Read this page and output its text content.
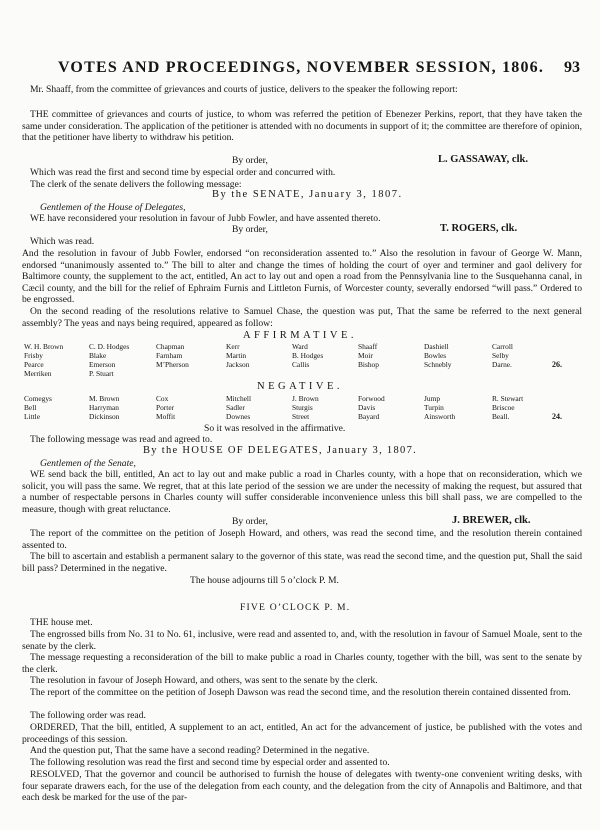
VOTES AND PROCEEDINGS, NOVEMBER SESSION, 1806. 93
Mr. Shaaff, from the committee of grievances and courts of justice, delivers to the speaker the following report:
THE committee of grievances and courts of justice, to whom was referred the petition of Ebenezer Perkins, report, that they have taken the same under consideration. The application of the petitioner is attended with no documents in support of it; the committee are therefore of opinion, that the petitioner have liberty to withdraw his petition.
By order,	L. GASSAWAY, clk.
Which was read the first and second time by especial order and concurred with.
The clerk of the senate delivers the following message:
By the SENATE, January 3, 1807.
Gentlemen of the House of Delegates,
WE have reconsidered your resolution in favour of Jubb Fowler, and have assented thereto.
By order,	T. ROGERS, clk.
Which was read.
And the resolution in favour of Jubb Fowler, endorsed “on reconsideration assented to.” Also the resolution in favour of George W. Mann, endorsed “unanimously assented to.” The bill to alter and change the times of holding the court of oyer and terminer and gaol delivery for Baltimore county, the supplement to the act, entitled, An act to lay out and open a road from the Pennsylvania line to the Susquehanna canal, in Cæcil county, and the bill for the relief of Ephraim Furnis and Littleton Furnis, of Worcester county, severally endorsed “will pass.” Ordered to be engrossed.
On the second reading of the resolutions relative to Samuel Chase, the question was put, That the same be referred to the next general assembly? The yeas and nays being required, appeared as follow:
AFFIRMATIVE.
W. H. Brown	C. D. Hodges	Chapman	Kerr	Ward	Shaaff	Dashiell	Carroll
Frisby	Blake	Farnham	Martin	B. Hodges	Moir	Bowles	Selby
Pearce	Emerson	M’Pherson	Jackson	Callis	Bishop	Schnebly	Darne.	26.
Merriken	P. Stuart
NEGATIVE.
Comegys	M. Brown	Cox	Mitchell	J. Brown	Forwood	Jump	R. Stewart
Bell	Harryman	Porter	Sadler	Sturgis	Davis	Turpin	Briscoe
Little	Dickinson	Moffit	Downes	Street	Bayard	Ainsworth	Beall.	24.
So it was resolved in the affirmative.
The following message was read and agreed to.
By the HOUSE OF DELEGATES, January 3, 1807.
Gentlemen of the Senate,
WE send back the bill, entitled, An act to lay out and make public a road in Charles county, with a hope that on reconsideration, which we solicit, you will pass the same. We regret, that at this late period of the session we are under the necessity of making the request, but assured that a number of respectable persons in Charles county will suffer considerable inconvenience unless this bill shall pass, we are compelled to the measure, though with great reluctance.
By order,	J. BREWER, clk.
The report of the committee on the petition of Joseph Howard, and others, was read the second time, and the resolution therein contained assented to.
The bill to ascertain and establish a permanent salary to the governor of this state, was read the second time, and the question put, Shall the said bill pass? Determined in the negative.
The house adjourns till 5 o’clock P. M.
FIVE O’CLOCK P. M.
THE house met.
The engrossed bills from No. 31 to No. 61, inclusive, were read and assented to, and, with the resolution in favour of Samuel Moale, sent to the senate by the clerk.
The message requesting a reconsideration of the bill to make public a road in Charles county, together with the bill, was sent to the senate by the clerk.
The resolution in favour of Joseph Howard, and others, was sent to the senate by the clerk.
The report of the committee on the petition of Joseph Dawson was read the second time, and the resolution therein contained dissented from.
The following order was read.
ORDERED, That the bill, entitled, A supplement to an act, entitled, An act for the advancement of justice, be published with the votes and proceedings of this session.
And the question put, That the same have a second reading? Determined in the negative.
The following resolution was read the first and second time by especial order and assented to.
RESOLVED, That the governor and council be authorised to furnish the house of delegates with twenty-one convenient writing desks, with four separate drawers each, for the use of the delegation from each county, and the delegation from the city of Annapolis and Baltimore, and that each desk be marked for the use of the par-
